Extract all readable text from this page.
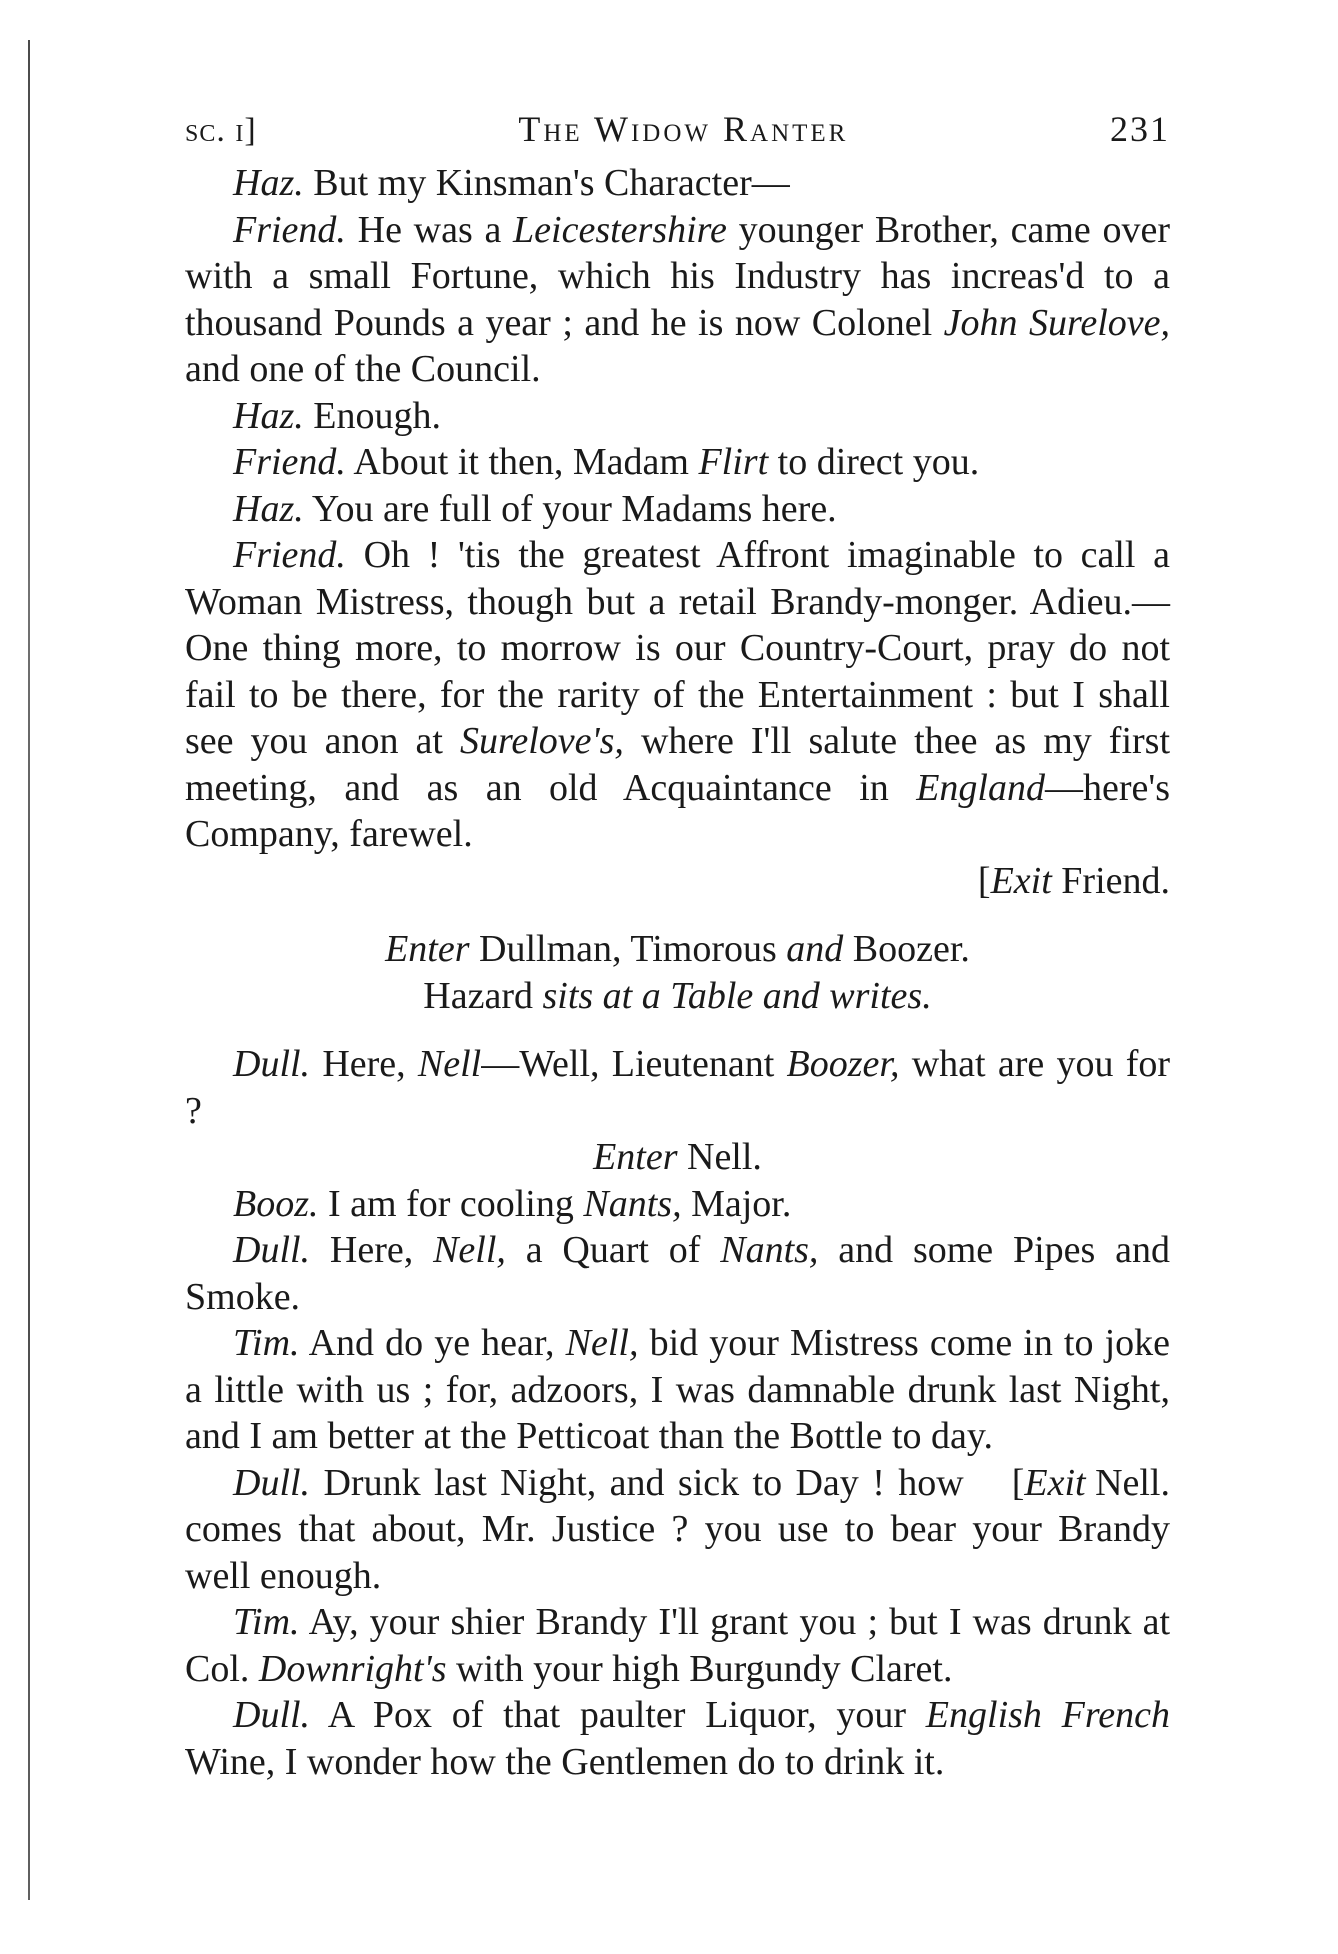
sc. i]	The Widow Ranter	231

Haz. But my Kinsman's Character—

Friend. He was a Leicestershire younger Brother, came over with a small Fortune, which his Industry has increas'd to a thousand Pounds a year ; and he is now Colonel John Surelove, and one of the Council.

Haz. Enough.

Friend. About it then, Madam Flirt to direct you.

Haz. You are full of your Madams here.

Friend. Oh ! 'tis the greatest Affront imaginable to call a Woman Mistress, though but a retail Brandy-monger. Adieu.—One thing more, to morrow is our Country-Court, pray do not fail to be there, for the rarity of the Entertainment : but I shall see you anon at Surelove's, where I'll salute thee as my first meeting, and as an old Acquaintance in England—here's Company, farewel.

[Exit Friend.

Enter Dullman, Timorous and Boozer.

Hazard sits at a Table and writes.

Dull. Here, Nell—Well, Lieutenant Boozer, what are you for ?

Enter Nell.

Booz. I am for cooling Nants, Major.

Dull. Here, Nell, a Quart of Nants, and some Pipes and Smoke.

Tim. And do ye hear, Nell, bid your Mistress come in to joke a little with us ; for, adzoors, I was damnable drunk last Night, and I am better at the Petticoat than the Bottle to day.
[Exit Nell.

Dull. Drunk last Night, and sick to Day ! how comes that about, Mr. Justice ? you use to bear your Brandy well enough.

Tim. Ay, your shier Brandy I'll grant you ; but I was drunk at Col. Downright's with your high Burgundy Claret.

Dull. A Pox of that paulter Liquor, your English French Wine, I wonder how the Gentlemen do to drink it.
